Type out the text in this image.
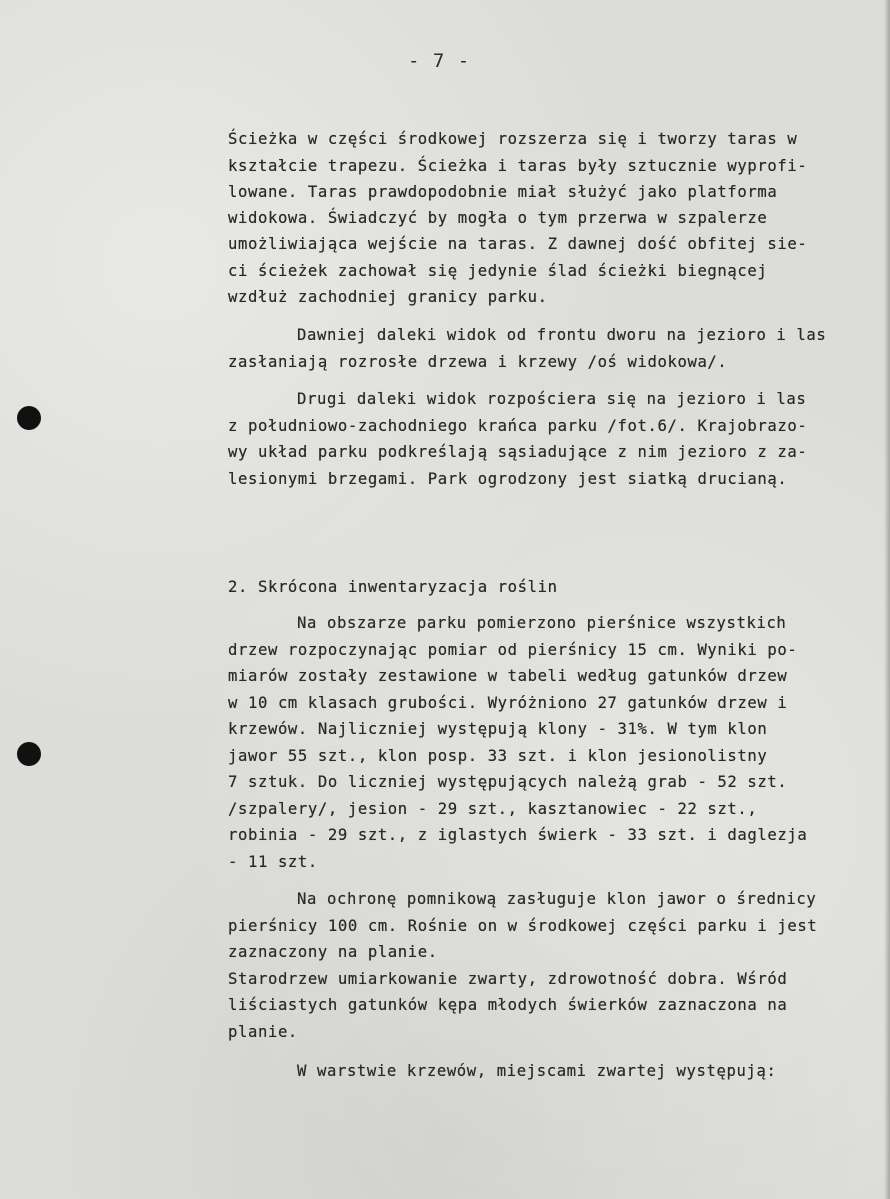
- 7 -

Ścieżka w części środkowej rozszerza się i tworzy taras w

kształcie trapezu. Ścieżka i taras były sztucznie wyprofi-

lowane. Taras prawdopodobnie miał służyć jako platforma

widokowa. Świadczyć by mogła o tym przerwa w szpalerze

umożliwiająca wejście na taras. Z dawnej dość obfitej sie-

ci ścieżek zachował się jedynie ślad ścieżki biegnącej

wzdłuż zachodniej granicy parku.

Dawniej daleki widok od frontu dworu na jezioro i las

zasłaniają rozrosłe drzewa i krzewy /oś widokowa/.

Drugi daleki widok rozpościera się na jezioro i las

z południowo-zachodniego krańca parku /fot.6/. Krajobrazo-

wy układ parku podkreślają sąsiadujące z nim jezioro z za-

lesionymi brzegami. Park ogrodzony jest siatką drucianą.

2. Skrócona inwentaryzacja roślin

Na obszarze parku pomierzono pierśnice wszystkich

drzew rozpoczynając pomiar od pierśnicy 15 cm. Wyniki po-

miarów zostały zestawione w tabeli według gatunków drzew

w 10 cm klasach grubości. Wyróżniono 27 gatunków drzew i

krzewów. Najliczniej występują klony - 31%. W tym klon

jawor 55 szt., klon posp. 33 szt. i klon jesionolistny

7 sztuk. Do liczniej występujących należą grab - 52 szt.

/szpalery/, jesion - 29 szt., kasztanowiec - 22 szt.,

robinia - 29 szt., z iglastych świerk - 33 szt. i daglezja

- 11 szt.

Na ochronę pomnikową zasługuje klon jawor o średnicy

pierśnicy 100 cm. Rośnie on w środkowej części parku i jest

zaznaczony na planie.

Starodrzew umiarkowanie zwarty, zdrowotność dobra. Wśród

liściastych gatunków kępa młodych świerków zaznaczona na

planie.

W warstwie krzewów, miejscami zwartej występują:
